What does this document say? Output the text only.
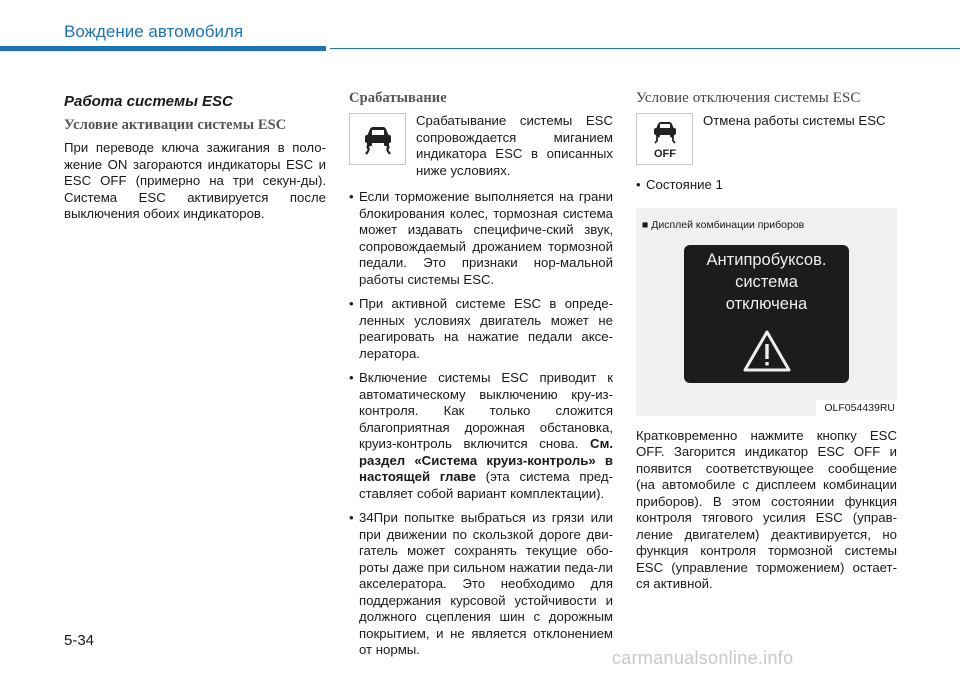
Вождение автомобиля
Работа системы ESC
Условие активации системы ESC

При переводе ключа зажигания в поло-жение ON загораются индикаторы ESC и ESC OFF (примерно на три секун-ды). Система ESC активируется после выключения обоих индикаторов.

Срабатывание

Срабатывание системы ESC сопровождается миганием индикатора ESC в описанных ниже условиях.

• Если торможение выполняется на грани блокирования колес, тормозная система может издавать специфиче-ский звук, сопровождаемый дрожанием тормозной педали. Это признаки нор-мальной работы системы ESC.
• При активной системе ESC в опреде-ленных условиях двигатель может не реагировать на нажатие педали аксе-лератора.
• Включение системы ESC приводит к автоматическому выключению кру-из-контроля. Как только сложится благоприятная дорожная обстановка, круиз-контроль включится снова. См. раздел «Система круиз-контроль» в настоящей главе (эта система пред-ставляет собой вариант комплектации).
• 34При попытке выбраться из грязи или при движении по скользкой дороге дви-гатель может сохранять текущие обо-роты даже при сильном нажатии педа-ли акселератора. Это необходимо для поддержания курсовой устойчивости и должного сцепления шин с дорожным покрытием, и не является отклонением от нормы.
Условие отключения системы ESC
OFF

Отмена работы системы ESC

• Состояние 1
■ Дисплей комбинации приборов
Антипробуксов.
система
отключена
OLF054439RU

Кратковременно нажмите кнопку ESC OFF. Загорится индикатор ESC OFF и появится соответствующее сообщение (на автомобиле с дисплеем комбинации приборов). В этом состоянии функция контроля тягового усилия ESC (управ-ление двигателем) деактивируется, но функция контроля тормозной системы ESC (управление торможением) остает-ся активной.

5-34
carmanualsonline.info
